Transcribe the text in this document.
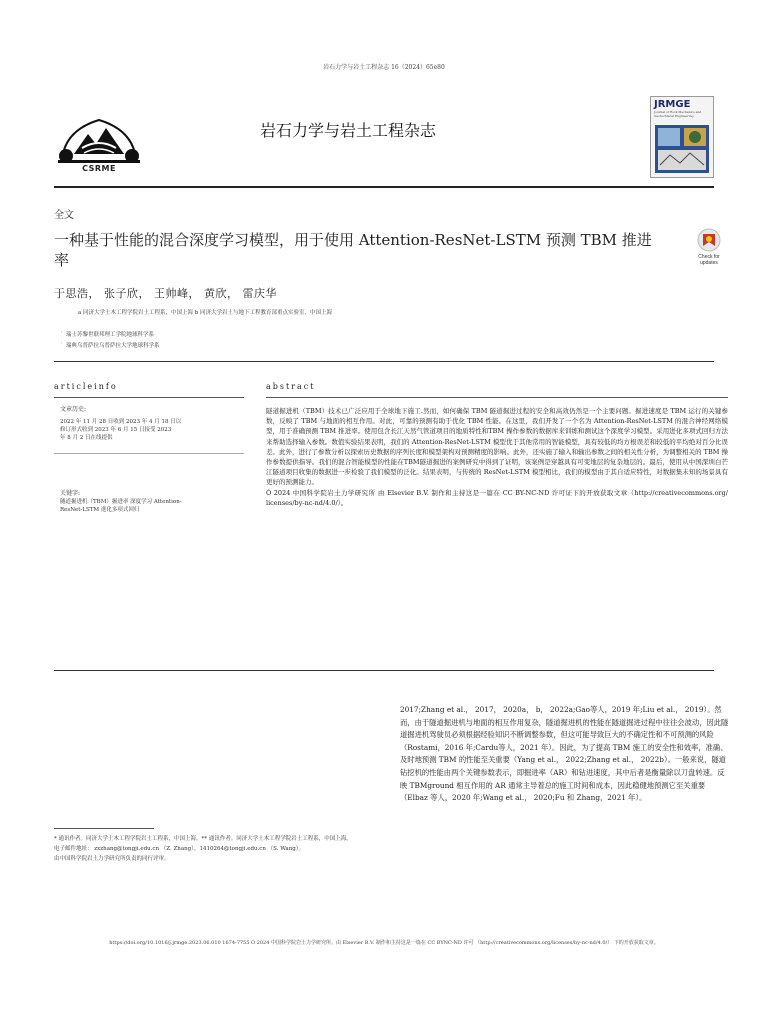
岩石力学与岩土工程杂志 16（2024）65e80
CSRME
岩石力学与岩土工程杂志
JRMGE
Journal of Rock Mechanics and Geotechnical Engineering
全文
一种基于性能的混合深度学习模型，用于使用 Attention-ResNet-LSTM 预测 TBM 推进率	Check for updates
于思浩， 张子欣， 王帅峰， 黄欣， 雷庆华
a 同济大学土木工程学院岩土工程系，中国上海 b 同济大学岩土与地下工程教育部重点实验室，中国上海
˙ 瑞士苏黎世联邦理工学院地球科学系
˙ 瑞典乌普萨拉乌普萨拉大学地球科学系
articleinfo
文章历史:
2022 年 11 月 28 日收到 2023 年 4 月 18 日以
修订形式收到 2023 年 6 月 15 日接受 2023
年 8 月 2 日在线提供
关键字:
隧道掘进机（TBM）掘进率 深度学习 Attention-
ResNet-LSTM 進化多项式回归
abstract

隧道掘进机（TBM）技术已广泛应用于全球地下施工.然而，如何确保 TBM 隧道掘进过程的安全和高效仍然是一个主要问题。掘进速度是 TBM 运行的关键参数，反映了 TBM 与地面的相互作用。对此，可靠的预测有助于优化 TBM 性能。在这里，我们开发了一个名为 Attention-ResNet-LSTM 的混合神经网络模型，用于准确预测 TBM 推进率。使用包含长江天然气管道项目的地质特性和TBM 操作参数的数据库来训练和测试这个深度学习模型。采用进化多项式回归方法来帮助选择输入参数。数值实验结果表明，我们的 Attention-ResNet-LSTM 模型优于其他常用的智能模型，具有较低的均方根误差和较低的平均绝对百分比误差。此外，进行了参数分析以探索历史数据的序列长度和模型架构对预测精度的影响。此外，还实施了输入和输出参数之间的相关性分析，为调整相关的 TBM 操作参数提供指导。我们的混合智能模型的性能在TBM隧道掘进的案例研究中得到了证明，该案例是穿越具有可变地层的复杂地层的。最后，使用从中国深圳白芒江隧道项目收集的数据进一步检验了我们模型的泛化。结果表明，与传统的 ResNet-LSTM 模型相比，我们的模型由于其自适应特性，对数据集未知的场景具有更好的预测能力。

Ó 2024 中国科学院岩土力学研究所 由 Elsevier B.V. 制作和主持这是一篇在 CC BY-NC-ND 许可证下的开放获取文章（http://creativecommons.org/ licenses/by-nc-nd/4.0/）。

2017;Zhang et al.， 2017， 2020a， b， 2022a;Gao等人，2019 年;Liu et al.， 2019）。然而，由于隧道掘进机与地面的相互作用复杂，隧道掘进机的性能在隧道掘进过程中往往会波动，因此隧道掘进机驾驶员必须根据经验知识不断调整参数，但这可能导致巨大的不确定性和不可预测的风险（Rostami，2016 年;Cardu等人，2021 年）。因此，为了提高 TBM 施工的安全性和效率，准确、及时地预测 TBM 的性能至关重要（Yang et al.， 2022;Zhang et al.， 2022b）。一般来说，隧道钻挖机的性能由两个关键参数表示，即掘进率（AR）和钻进速度，其中后者是衡量除以刀盘转速。反映 TBMground 相互作用的 AR 通常主导着总的施工时间和成本，因此稳健地预测它至关重要（Elbaz 等人，2020 年;Wang et al.， 2020;Fu 和 Zhang，2021 年）。

* 通讯作者。同济大学土木工程学院岩土工程系，中国上海。** 通讯作者。同济大学土木工程学院岩土工程系，中国上海。

电子邮件地址： zxzhang@tongji.edu.cn （Z. Zhang），1410264@tongji.edu.cn （S. Wang）。

由中国科学院岩土力学研究所负责的同行评审。

https://doi.org/10.1016/j.jrmge.2023.06.010 1674-7755 Ó 2024 中国科学院岩土力学研究所。由 Elsevier B.V. 制作和主持这是一篇在 CC BYNC-ND 许可 （http://creativecommons.org/licenses/by-nc-nd/4.0/） 下的开放获取文章。
